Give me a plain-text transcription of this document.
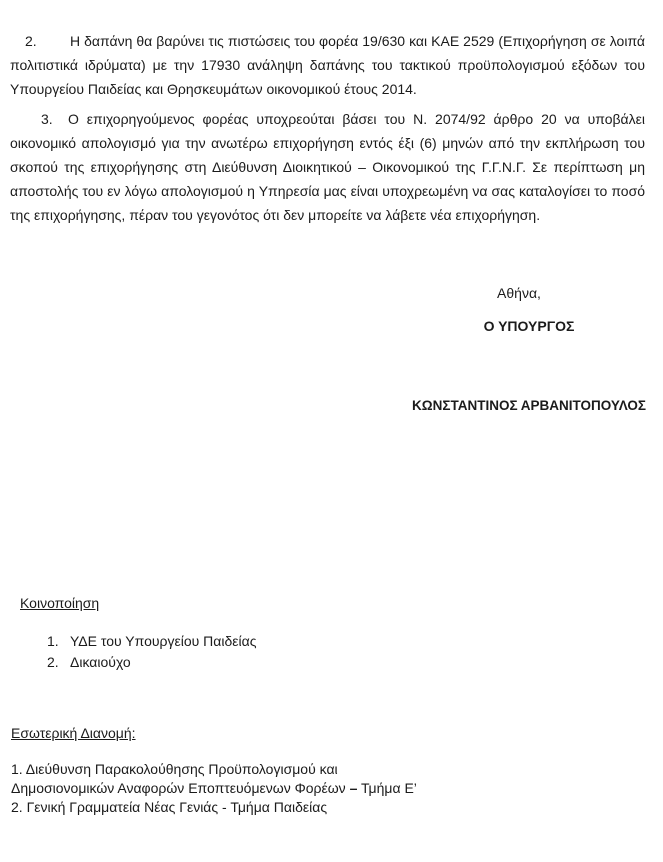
2. Η δαπάνη θα βαρύνει τις πιστώσεις του φορέα 19/630 και ΚΑΕ 2529 (Επιχορήγηση σε λοιπά πολιτιστικά ιδρύματα) με την 17930 ανάληψη δαπάνης του τακτικού προϋπολογισμού εξόδων του Υπουργείου Παιδείας και Θρησκευμάτων οικονομικού έτους 2014.

3. Ο επιχορηγούμενος φορέας υποχρεούται βάσει του Ν. 2074/92 άρθρο 20 να υποβάλει οικονομικό απολογισμό για την ανωτέρω επιχορήγηση εντός έξι (6) μηνών από την εκπλήρωση του σκοπού της επιχορήγησης στη Διεύθυνση Διοικητικού – Οικονομικού της Γ.Γ.Ν.Γ. Σε περίπτωση μη αποστολής του εν λόγω απολογισμού η Υπηρεσία μας είναι υποχρεωμένη να σας καταλογίσει το ποσό της επιχορήγησης, πέραν του γεγονότος ότι δεν μπορείτε να λάβετε νέα επιχορήγηση.

Αθήνα,
Ο ΥΠΟΥΡΓΟΣ
ΚΩΝΣΤΑΝΤΙΝΟΣ ΑΡΒΑΝΙΤΟΠΟΥΛΟΣ
Κοινοποίηση
1. ΥΔΕ του Υπουργείου Παιδείας
2. Δικαιούχο
Εσωτερική Διανομή:
1. Διεύθυνση Παρακολούθησης Προϋπολογισμού και
Δημοσιονομικών Αναφορών Εποπτευόμενων Φορέων – Τμήμα Ε’
2. Γενική Γραμματεία Νέας Γενιάς - Τμήμα Παιδείας
